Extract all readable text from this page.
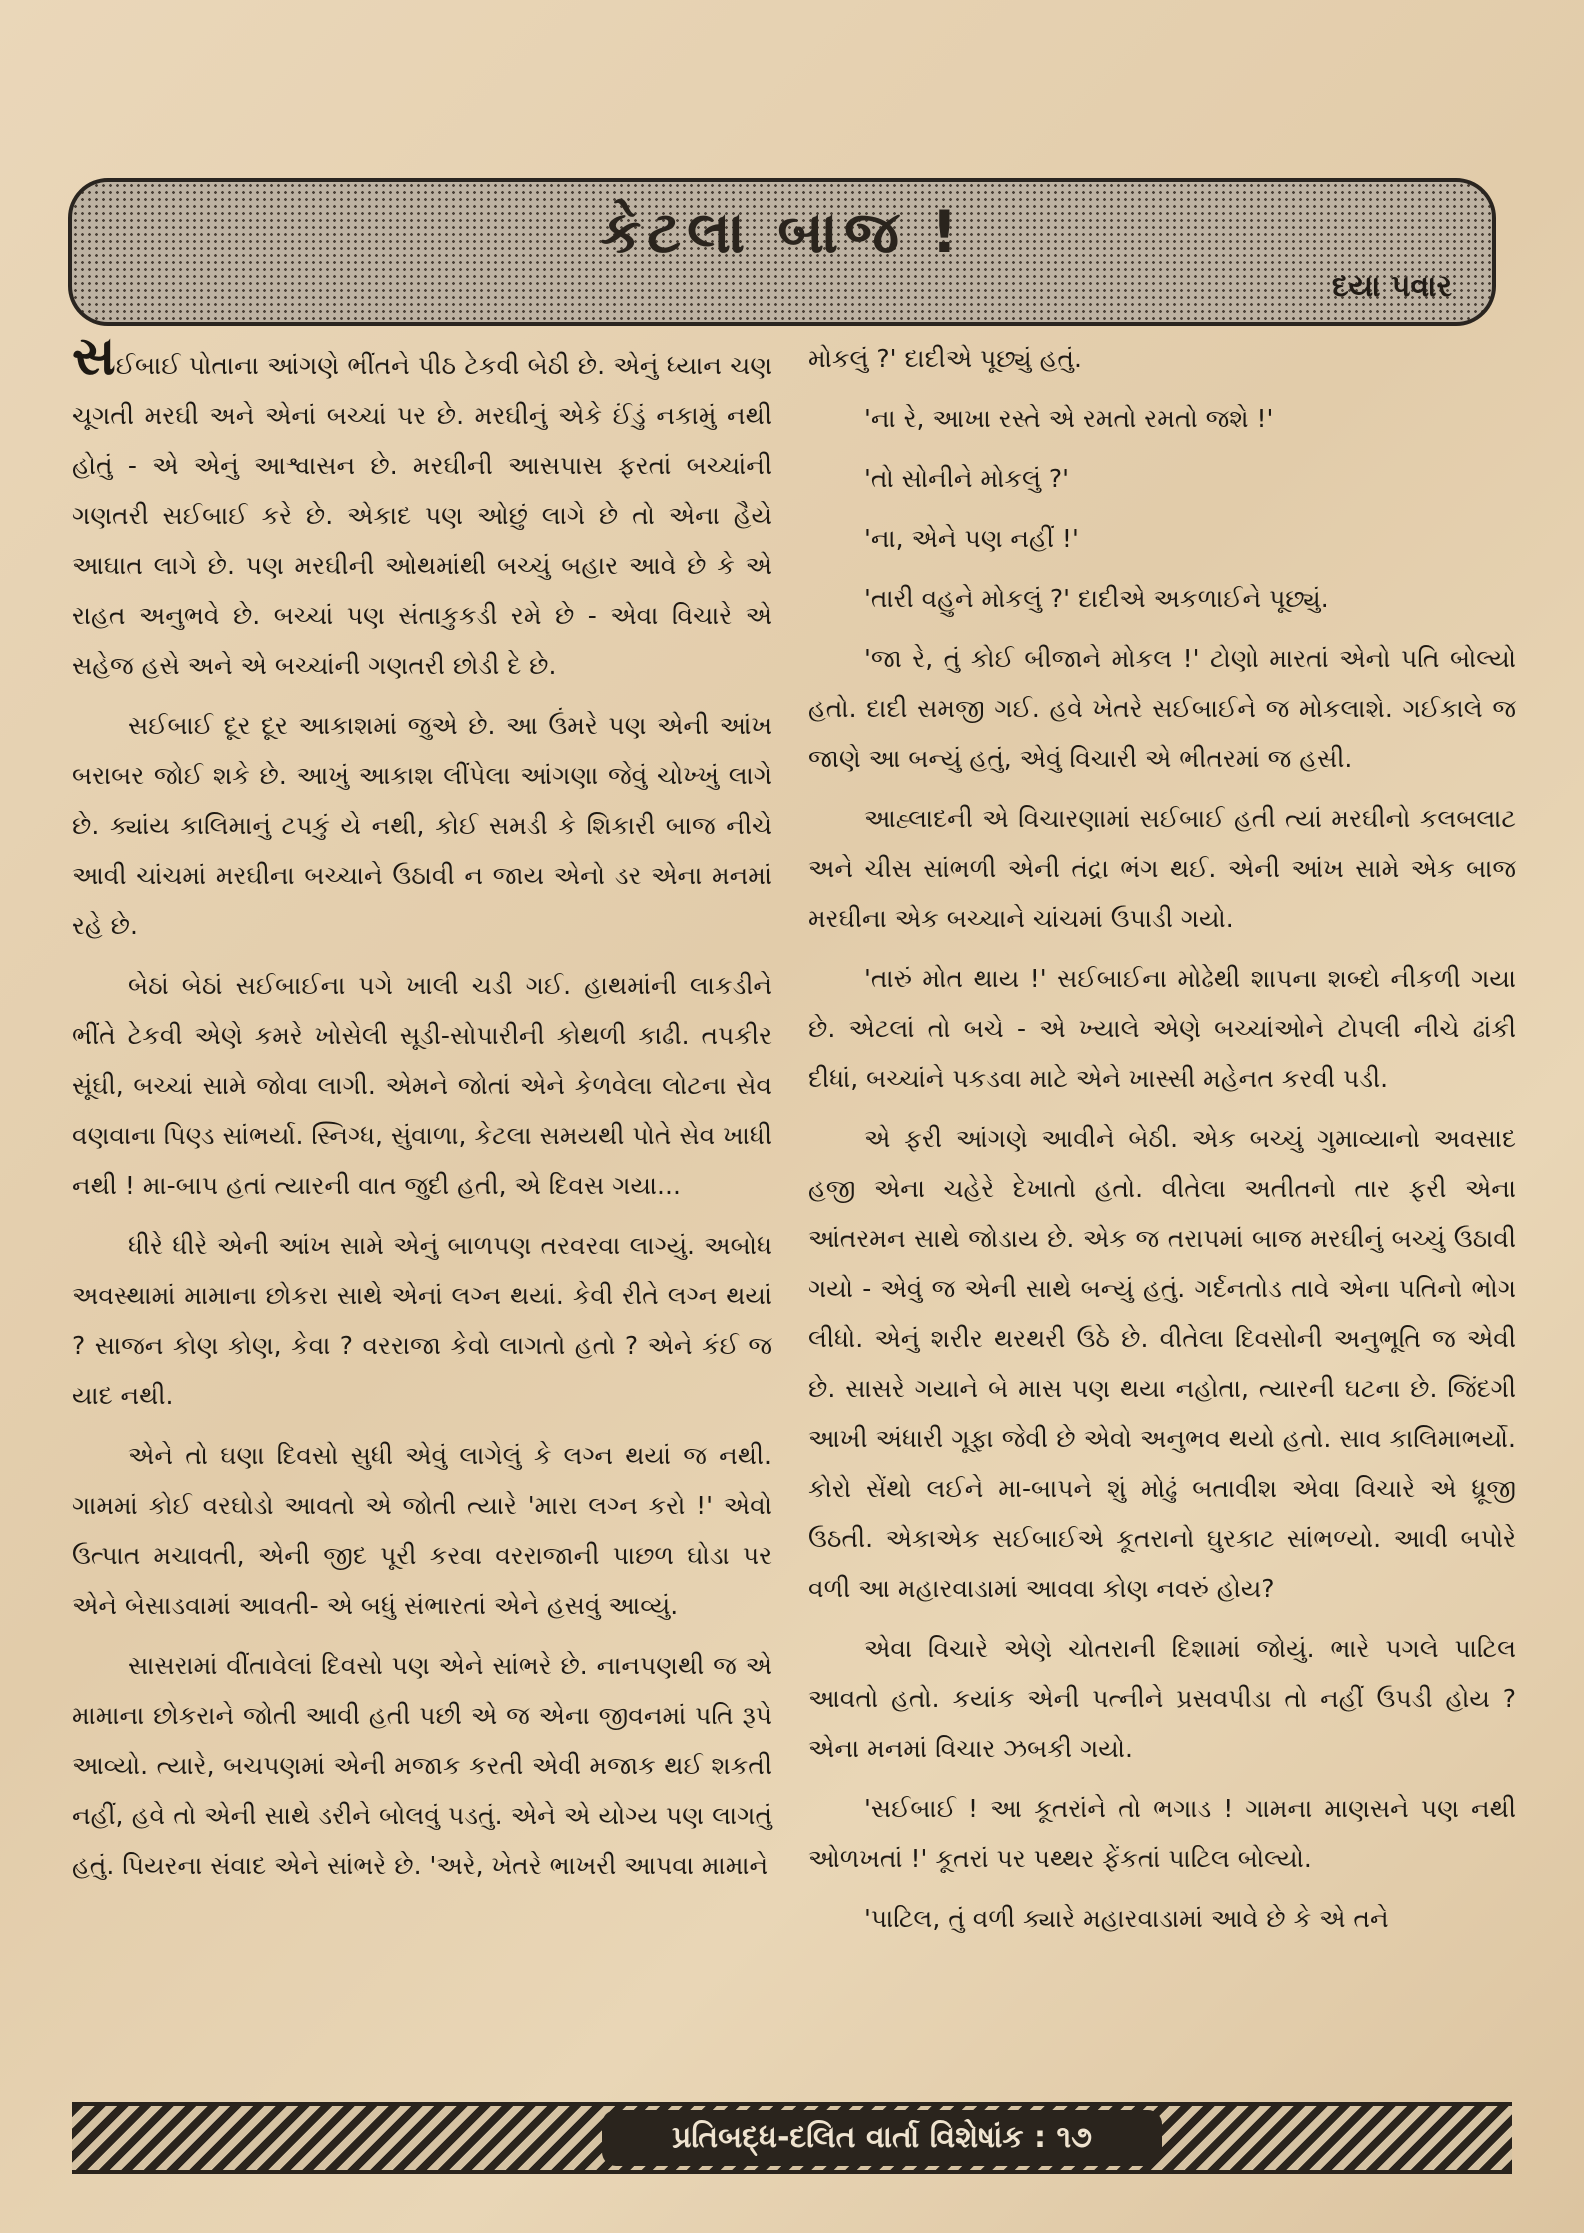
કેટલા બાજ !
દયા પવાર

સઈબાઈ પોતાના આંગણે ભીંતને પીઠ ટેકવી બેઠી છે. એનું ધ્યાન ચણ ચૂગતી મરઘી અને એનાં બચ્ચાં પર છે. મરઘીનું એકે ઈંડું નકામું નથી હોતું - એ એનું આશ્વાસન છે. મરઘીની આસપાસ ફરતાં બચ્ચાંની ગણતરી સઈબાઈ કરે છે. એકાદ પણ ઓછું લાગે છે તો એના હૈયે આઘાત લાગે છે. પણ મરઘીની ઓથમાંથી બચ્ચું બહાર આવે છે કે એ રાહત અનુભવે છે. બચ્ચાં પણ સંતાકુકડી રમે છે - એવા વિચારે એ સહેજ હસે અને એ બચ્ચાંની ગણતરી છોડી દે છે.

સઈબાઈ દૂર દૂર આકાશમાં જુએ છે. આ ઉંમરે પણ એની આંખ બરાબર જોઈ શકે છે. આખું આકાશ લીંપેલા આંગણા જેવું ચોખ્ખું લાગે છે. ક્યાંય કાલિમાનું ટપકું યે નથી, કોઈ સમડી કે શિકારી બાજ નીચે આવી ચાંચમાં મરઘીના બચ્ચાને ઉઠાવી ન જાય એનો ડર એના મનમાં રહે છે.

બેઠાં બેઠાં સઈબાઈના પગે ખાલી ચડી ગઈ. હાથમાંની લાકડીને ભીંતે ટેકવી એણે કમરે ખોસેલી સૂડી-સોપારીની કોથળી કાઢી. તપકીર સૂંઘી, બચ્ચાં સામે જોવા લાગી. એમને જોતાં એને કેળવેલા લોટના સેવ વણવાના પિણ્ડ સાંભર્યા. સ્નિગ્ધ, સુંવાળા, કેટલા સમયથી પોતે સેવ ખાધી નથી ! મા-બાપ હતાં ત્યારની વાત જુદી હતી, એ દિવસ ગયા...

ધીરે ધીરે એની આંખ સામે એનું બાળપણ તરવરવા લાગ્યું. અબોધ અવસ્થામાં મામાના છોકરા સાથે એનાં લગ્ન થયાં. કેવી રીતે લગ્ન થયાં ? સાજન કોણ કોણ, કેવા ? વરરાજા કેવો લાગતો હતો ? એને કંઈ જ યાદ નથી.

એને તો ઘણા દિવસો સુધી એવું લાગેલું કે લગ્ન થયાં જ નથી. ગામમાં કોઈ વરઘોડો આવતો એ જોતી ત્યારે 'મારા લગ્ન કરો !' એવો ઉત્પાત મચાવતી, એની જીદ પૂરી કરવા વરરાજાની પાછળ ઘોડા પર એને બેસાડવામાં આવતી- એ બધું સંભારતાં એને હસવું આવ્યું.

સાસરામાં વીંતાવેલાં દિવસો પણ એને સાંભરે છે. નાનપણથી જ એ મામાના છોકરાને જોતી આવી હતી પછી એ જ એના જીવનમાં પતિ રૂપે આવ્યો. ત્યારે, બચપણમાં એની મજાક કરતી એવી મજાક થઈ શકતી નહીં, હવે તો એની સાથે ડરીને બોલવું પડતું. એને એ યોગ્ય પણ લાગતું હતું. પિયરના સંવાદ એને સાંભરે છે. 'અરે, ખેતરે ભાખરી આપવા મામાને

મોકલું ?' દાદીએ પૂછ્યું હતું.

'ના રે, આખા રસ્તે એ રમતો રમતો જશે !'

'તો સોનીને મોકલું ?'

'ના, એને પણ નહીં !'

'તારી વહુને મોકલું ?' દાદીએ અકળાઈને પૂછ્યું.

'જા રે, તું કોઈ બીજાને મોકલ !' ટોણો મારતાં એનો પતિ બોલ્યો હતો. દાદી સમજી ગઈ. હવે ખેતરે સઈબાઈને જ મોકલાશે. ગઈકાલે જ જાણે આ બન્યું હતું, એવું વિચારી એ ભીતરમાં જ હસી.

આહ્લાદની એ વિચારણામાં સઈબાઈ હતી ત્યાં મરઘીનો કલબલાટ અને ચીસ સાંભળી એની તંદ્રા ભંગ થઈ. એની આંખ સામે એક બાજ મરઘીના એક બચ્ચાને ચાંચમાં ઉપાડી ગયો.

'તારું મોત થાય !' સઈબાઈના મોઢેથી શાપના શબ્દો નીકળી ગયા છે. એટલાં તો બચે - એ ખ્યાલે એણે બચ્ચાંઓને ટોપલી નીચે ઢાંકી દીધાં, બચ્ચાંને પકડવા માટે એને ખાસ્સી મહેનત કરવી પડી.

એ ફરી આંગણે આવીને બેઠી. એક બચ્ચું ગુમાવ્યાનો અવસાદ હજી એના ચહેરે દેખાતો હતો. વીતેલા અતીતનો તાર ફરી એના આંતરમન સાથે જોડાય છે. એક જ તરાપમાં બાજ મરઘીનું બચ્ચું ઉઠાવી ગયો - એવું જ એની સાથે બન્યું હતું. ગર્દનતોડ તાવે એના પતિનો ભોગ લીધો. એનું શરીર થરથરી ઉઠે છે. વીતેલા દિવસોની અનુભૂતિ જ એવી છે. સાસરે ગયાને બે માસ પણ થયા નહોતા, ત્યારની ઘટના છે. જિંદગી આખી અંધારી ગૂફા જેવી છે એવો અનુભવ થયો હતો. સાવ કાલિમાભર્યો. કોરો સેંથો લઈને મા-બાપને શું મોઢું બતાવીશ એવા વિચારે એ ધ્રૂજી ઉઠતી. એકાએક સઈબાઈએ કૂતરાનો ઘુરકાટ સાંભળ્યો. આવી બપોરે વળી આ મહારવાડામાં આવવા કોણ નવરું હોય?

એવા વિચારે એણે ચોતરાની દિશામાં જોયું. ભારે પગલે પાટિલ આવતો હતો. કયાંક એની પત્નીને પ્રસવપીડા તો નહીં ઉપડી હોય ? એના મનમાં વિચાર ઝબકી ગયો.

'સઈબાઈ ! આ કૂતરાંને તો ભગાડ ! ગામના માણસને પણ નથી ઓળખતાં !' કૂતરાં પર પથ્થર ફેંકતાં પાટિલ બોલ્યો.

'પાટિલ, તું વળી ક્યારે મહારવાડામાં આવે છે કે એ તને

પ્રતિબદ્ધ-દલિત વાર્તા વિશેષાંક : ૧૭
